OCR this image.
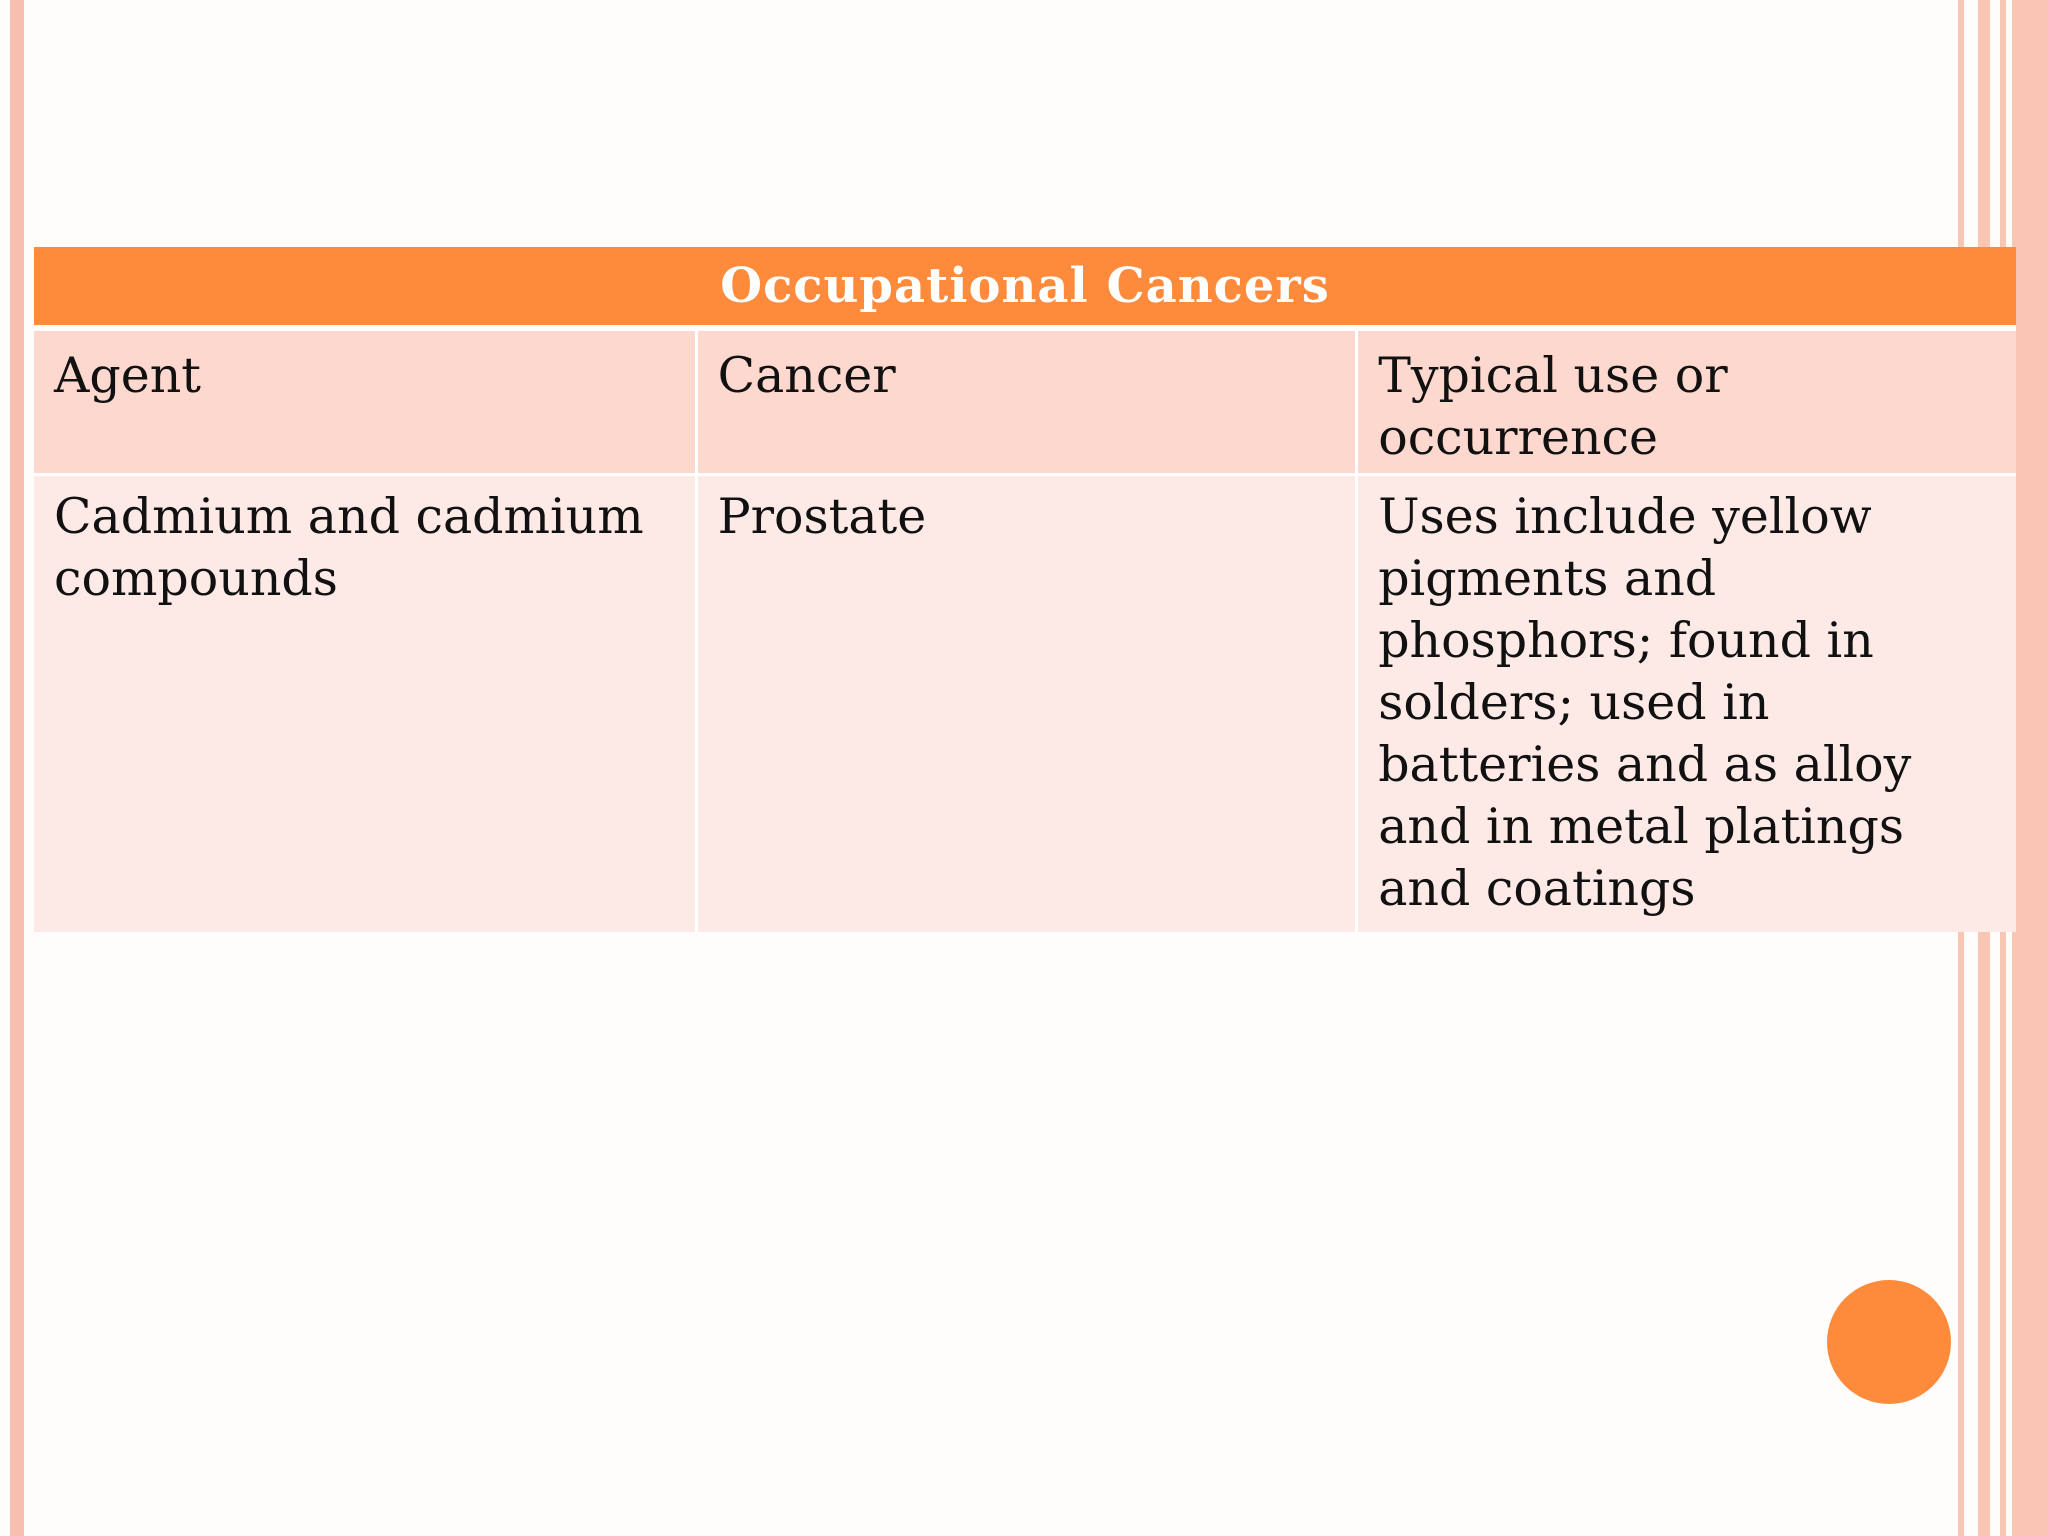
Occupational Cancers		
Agent	Cancer	Typical use or occurrence
Cadmium and cadmium compounds	Prostate	Uses include yellow pigments and phosphors; found in solders; used in batteries and as alloy and in metal platings and coatings
